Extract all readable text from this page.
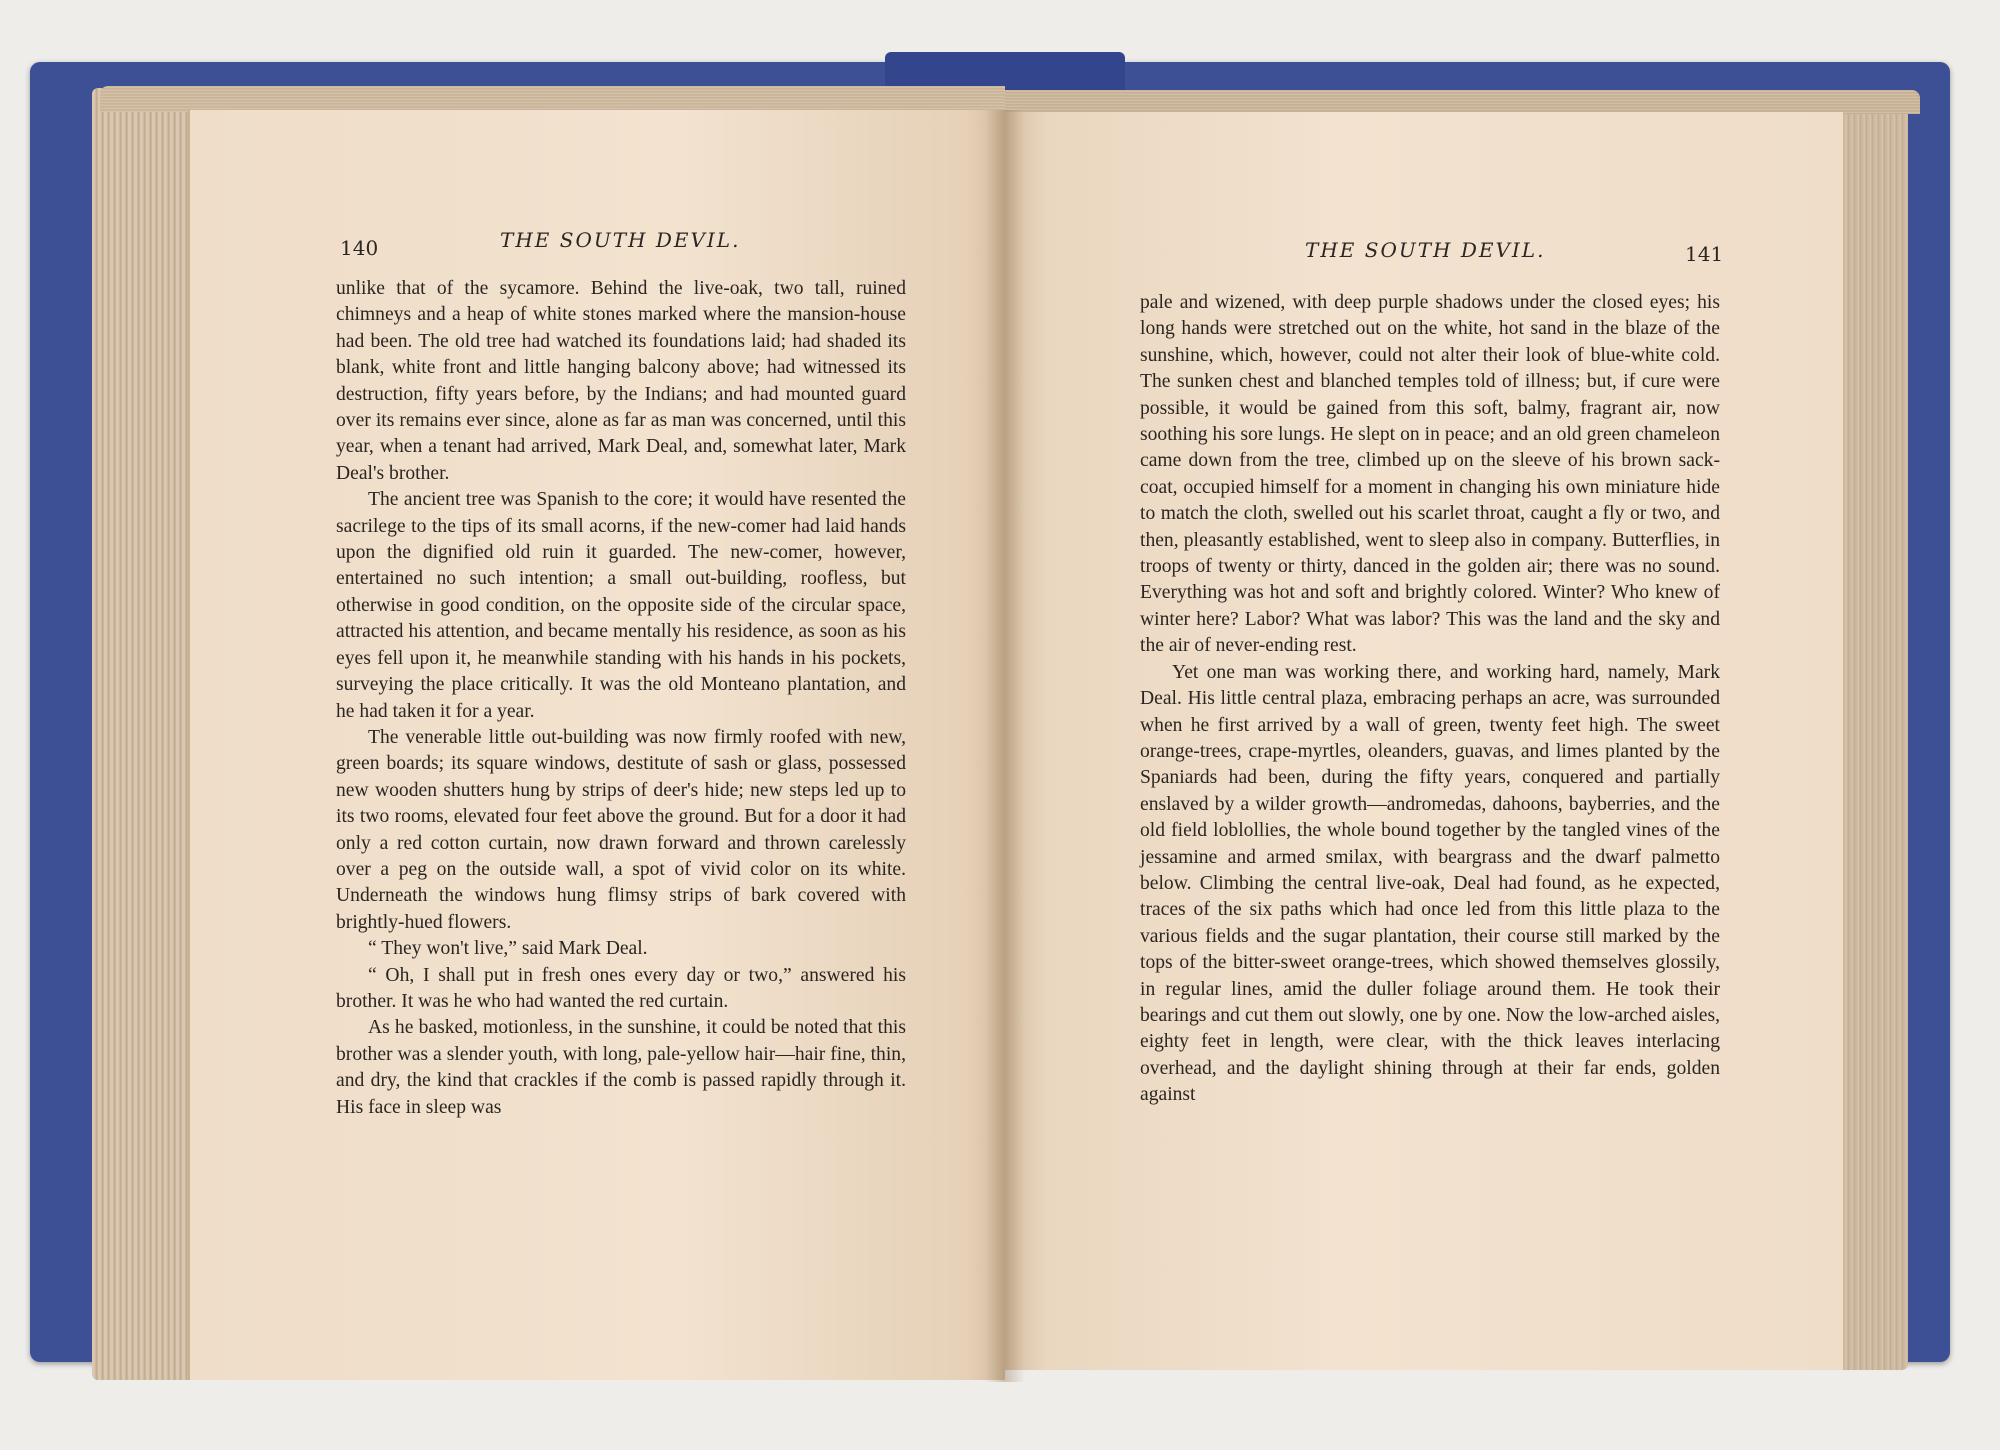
140	THE SOUTH DEVIL.

unlike that of the sycamore. Behind the live-oak, two tall, ruined chimneys and a heap of white stones marked where the mansion-house had been. The old tree had watched its foundations laid; had shaded its blank, white front and little hanging balcony above; had witnessed its destruction, fifty years before, by the Indians; and had mounted guard over its remains ever since, alone as far as man was concerned, until this year, when a tenant had arrived, Mark Deal, and, somewhat later, Mark Deal's brother.

The ancient tree was Spanish to the core; it would have resented the sacrilege to the tips of its small acorns, if the new-comer had laid hands upon the dignified old ruin it guarded. The new-comer, however, entertained no such intention; a small out-building, roofless, but otherwise in good condition, on the opposite side of the circular space, attracted his attention, and became mentally his residence, as soon as his eyes fell upon it, he meanwhile standing with his hands in his pockets, surveying the place critically. It was the old Monteano plantation, and he had taken it for a year.

The venerable little out-building was now firmly roofed with new, green boards; its square windows, destitute of sash or glass, possessed new wooden shutters hung by strips of deer's hide; new steps led up to its two rooms, elevated four feet above the ground. But for a door it had only a red cotton curtain, now drawn forward and thrown carelessly over a peg on the outside wall, a spot of vivid color on its white. Underneath the windows hung flimsy strips of bark covered with brightly-hued flowers.

“ They won't live,” said Mark Deal.

“ Oh, I shall put in fresh ones every day or two,” answered his brother. It was he who had wanted the red curtain.

As he basked, motionless, in the sunshine, it could be noted that this brother was a slender youth, with long, pale-yellow hair—hair fine, thin, and dry, the kind that crackles if the comb is passed rapidly through it. His face in sleep was

THE SOUTH DEVIL.	141

pale and wizened, with deep purple shadows under the closed eyes; his long hands were stretched out on the white, hot sand in the blaze of the sunshine, which, however, could not alter their look of blue-white cold. The sunken chest and blanched temples told of illness; but, if cure were possible, it would be gained from this soft, balmy, fragrant air, now soothing his sore lungs. He slept on in peace; and an old green chameleon came down from the tree, climbed up on the sleeve of his brown sack-coat, occupied himself for a moment in changing his own miniature hide to match the cloth, swelled out his scarlet throat, caught a fly or two, and then, pleasantly established, went to sleep also in company. Butterflies, in troops of twenty or thirty, danced in the golden air; there was no sound. Everything was hot and soft and brightly colored. Winter? Who knew of winter here? Labor? What was labor? This was the land and the sky and the air of never-ending rest.

Yet one man was working there, and working hard, namely, Mark Deal. His little central plaza, embracing perhaps an acre, was surrounded when he first arrived by a wall of green, twenty feet high. The sweet orange-trees, crape-myrtles, oleanders, guavas, and limes planted by the Spaniards had been, during the fifty years, conquered and partially enslaved by a wilder growth—andromedas, dahoons, bayberries, and the old field loblollies, the whole bound together by the tangled vines of the jessamine and armed smilax, with beargrass and the dwarf palmetto below. Climbing the central live-oak, Deal had found, as he expected, traces of the six paths which had once led from this little plaza to the various fields and the sugar plantation, their course still marked by the tops of the bitter-sweet orange-trees, which showed themselves glossily, in regular lines, amid the duller foliage around them. He took their bearings and cut them out slowly, one by one. Now the low-arched aisles, eighty feet in length, were clear, with the thick leaves interlacing overhead, and the daylight shining through at their far ends, golden against
